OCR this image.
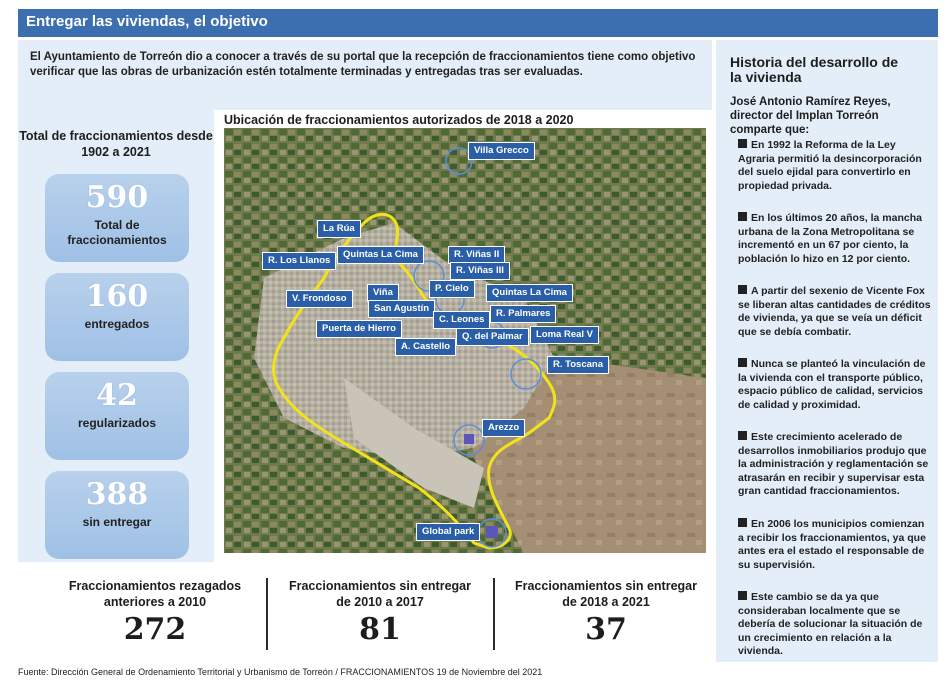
Entregar las viviendas, el objetivo
El Ayuntamiento de Torreón dio a conocer a través de su portal que la recepción de fraccionamientos tiene como objetivo verificar que las obras de urbanización estén totalmente terminadas y entregadas tras ser evaluadas.
Total de fraccionamientos desde 1902 a 2021
590
Total de fraccionamientos
160
entregados
42
regularizados
388
sin entregar
Ubicación de fraccionamientos autorizados de 2018 a 2020
Villa Grecco
La Rúa
R. Los Llanos
Quintas La Cima	R. Viñas II
R. Viñas III
V. Frondoso
Viña	P. Cielo	Quintas La Cima
San Agustín
C. Leones
R. Palmares
Puerta de Hierro
Q. del Palmar	Loma Real V
A. Castello
R. Toscana
Arezzo
Global park
Fraccionamientos rezagados anteriores a 2010
272
Fraccionamientos sin entregar de 2010 a 2017
81
Fraccionamientos sin entregar de 2018 a 2021
37
Fuente: Dirección General de Ordenamiento Territorial y Urbanismo de Torreón / FRACCIONAMIENTOS 19 de Noviembre del 2021
Historia del desarrollo de la vivienda
José Antonio Ramírez Reyes, director del Implan Torreón comparte que:
En 1992 la Reforma de la Ley Agraria permitió la desincorporación del suelo ejidal para convertirlo en propiedad privada.
En los últimos 20 años, la mancha urbana de la Zona Metropolitana se incrementó en un 67 por ciento, la población lo hizo en 12 por ciento.
A partir del sexenio de Vicente Fox se liberan altas cantidades de créditos de vivienda, ya que se veía un déficit que se debía combatir.
Nunca se planteó la vinculación de la vivienda con el transporte público, espacio público de calidad, servicios de calidad y proximidad.
Este crecimiento acelerado de desarrollos inmobiliarios produjo que la administración y reglamentación se atrasarán en recibir y supervisar esta gran cantidad fraccionamientos.
En 2006 los municipios comienzan a recibir los fraccionamientos, ya que antes era el estado el responsable de su supervisión.
Este cambio se da ya que consideraban localmente que se debería de solucionar la situación de un crecimiento en relación a la vivienda.
